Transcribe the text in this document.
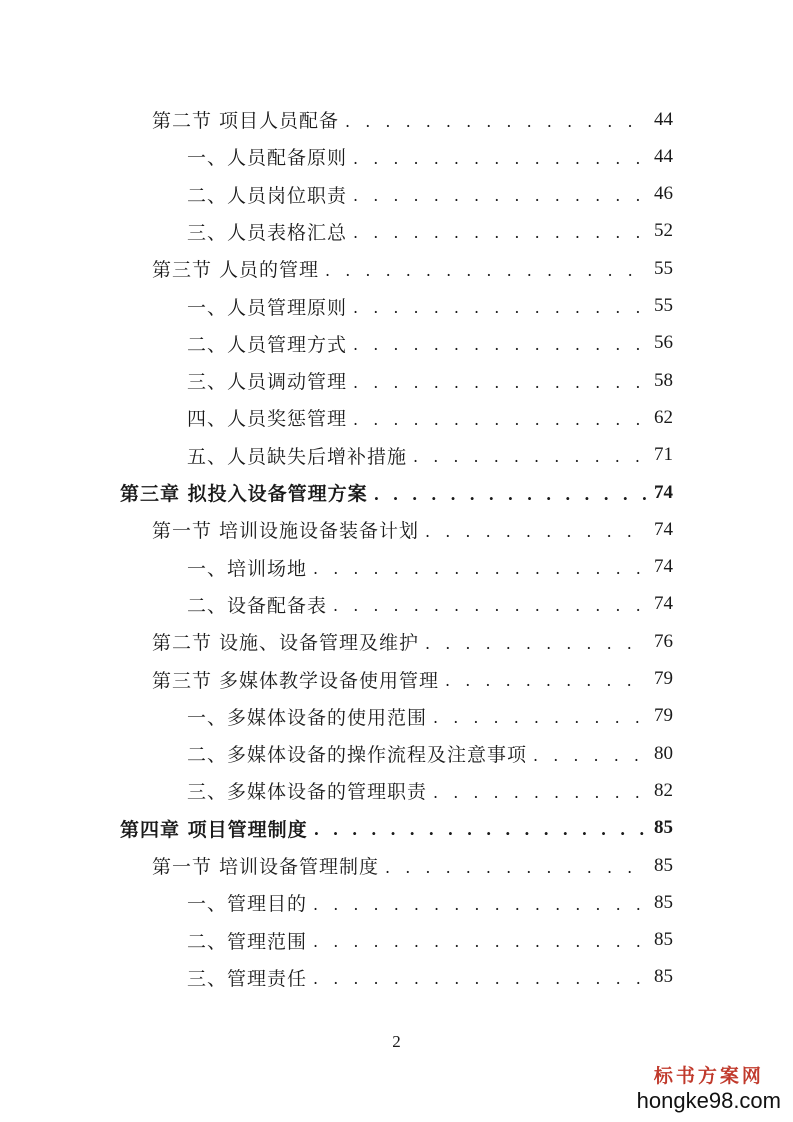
第二节 项目人员配备 . . .	44
一、人员配备原则 . . .	44
二、人员岗位职责 . . .	46
三、人员表格汇总 . . .	52
第三节 人员的管理 . . .	55
一、人员管理原则 . . .	55
二、人员管理方式 . . .	56
三、人员调动管理 . . .	58
四、人员奖惩管理 . . .	62
五、人员缺失后增补措施 . . .	71
第三章 拟投入设备管理方案 . . .	74
第一节 培训设施设备装备计划 . . .	74
一、培训场地 . . .	74
二、设备配备表 . . .	74
第二节 设施、设备管理及维护 . . .	76
第三节 多媒体教学设备使用管理 . . .	79
一、多媒体设备的使用范围 . . .	79
二、多媒体设备的操作流程及注意事项 . . .	80
三、多媒体设备的管理职责 . . .	82
第四章 项目管理制度 . . .	85
第一节 培训设备管理制度 . . .	85
一、管理目的 . . .	85
二、管理范围 . . .	85
三、管理责任 . . .	85
2
标书方案网
hongke98.com
